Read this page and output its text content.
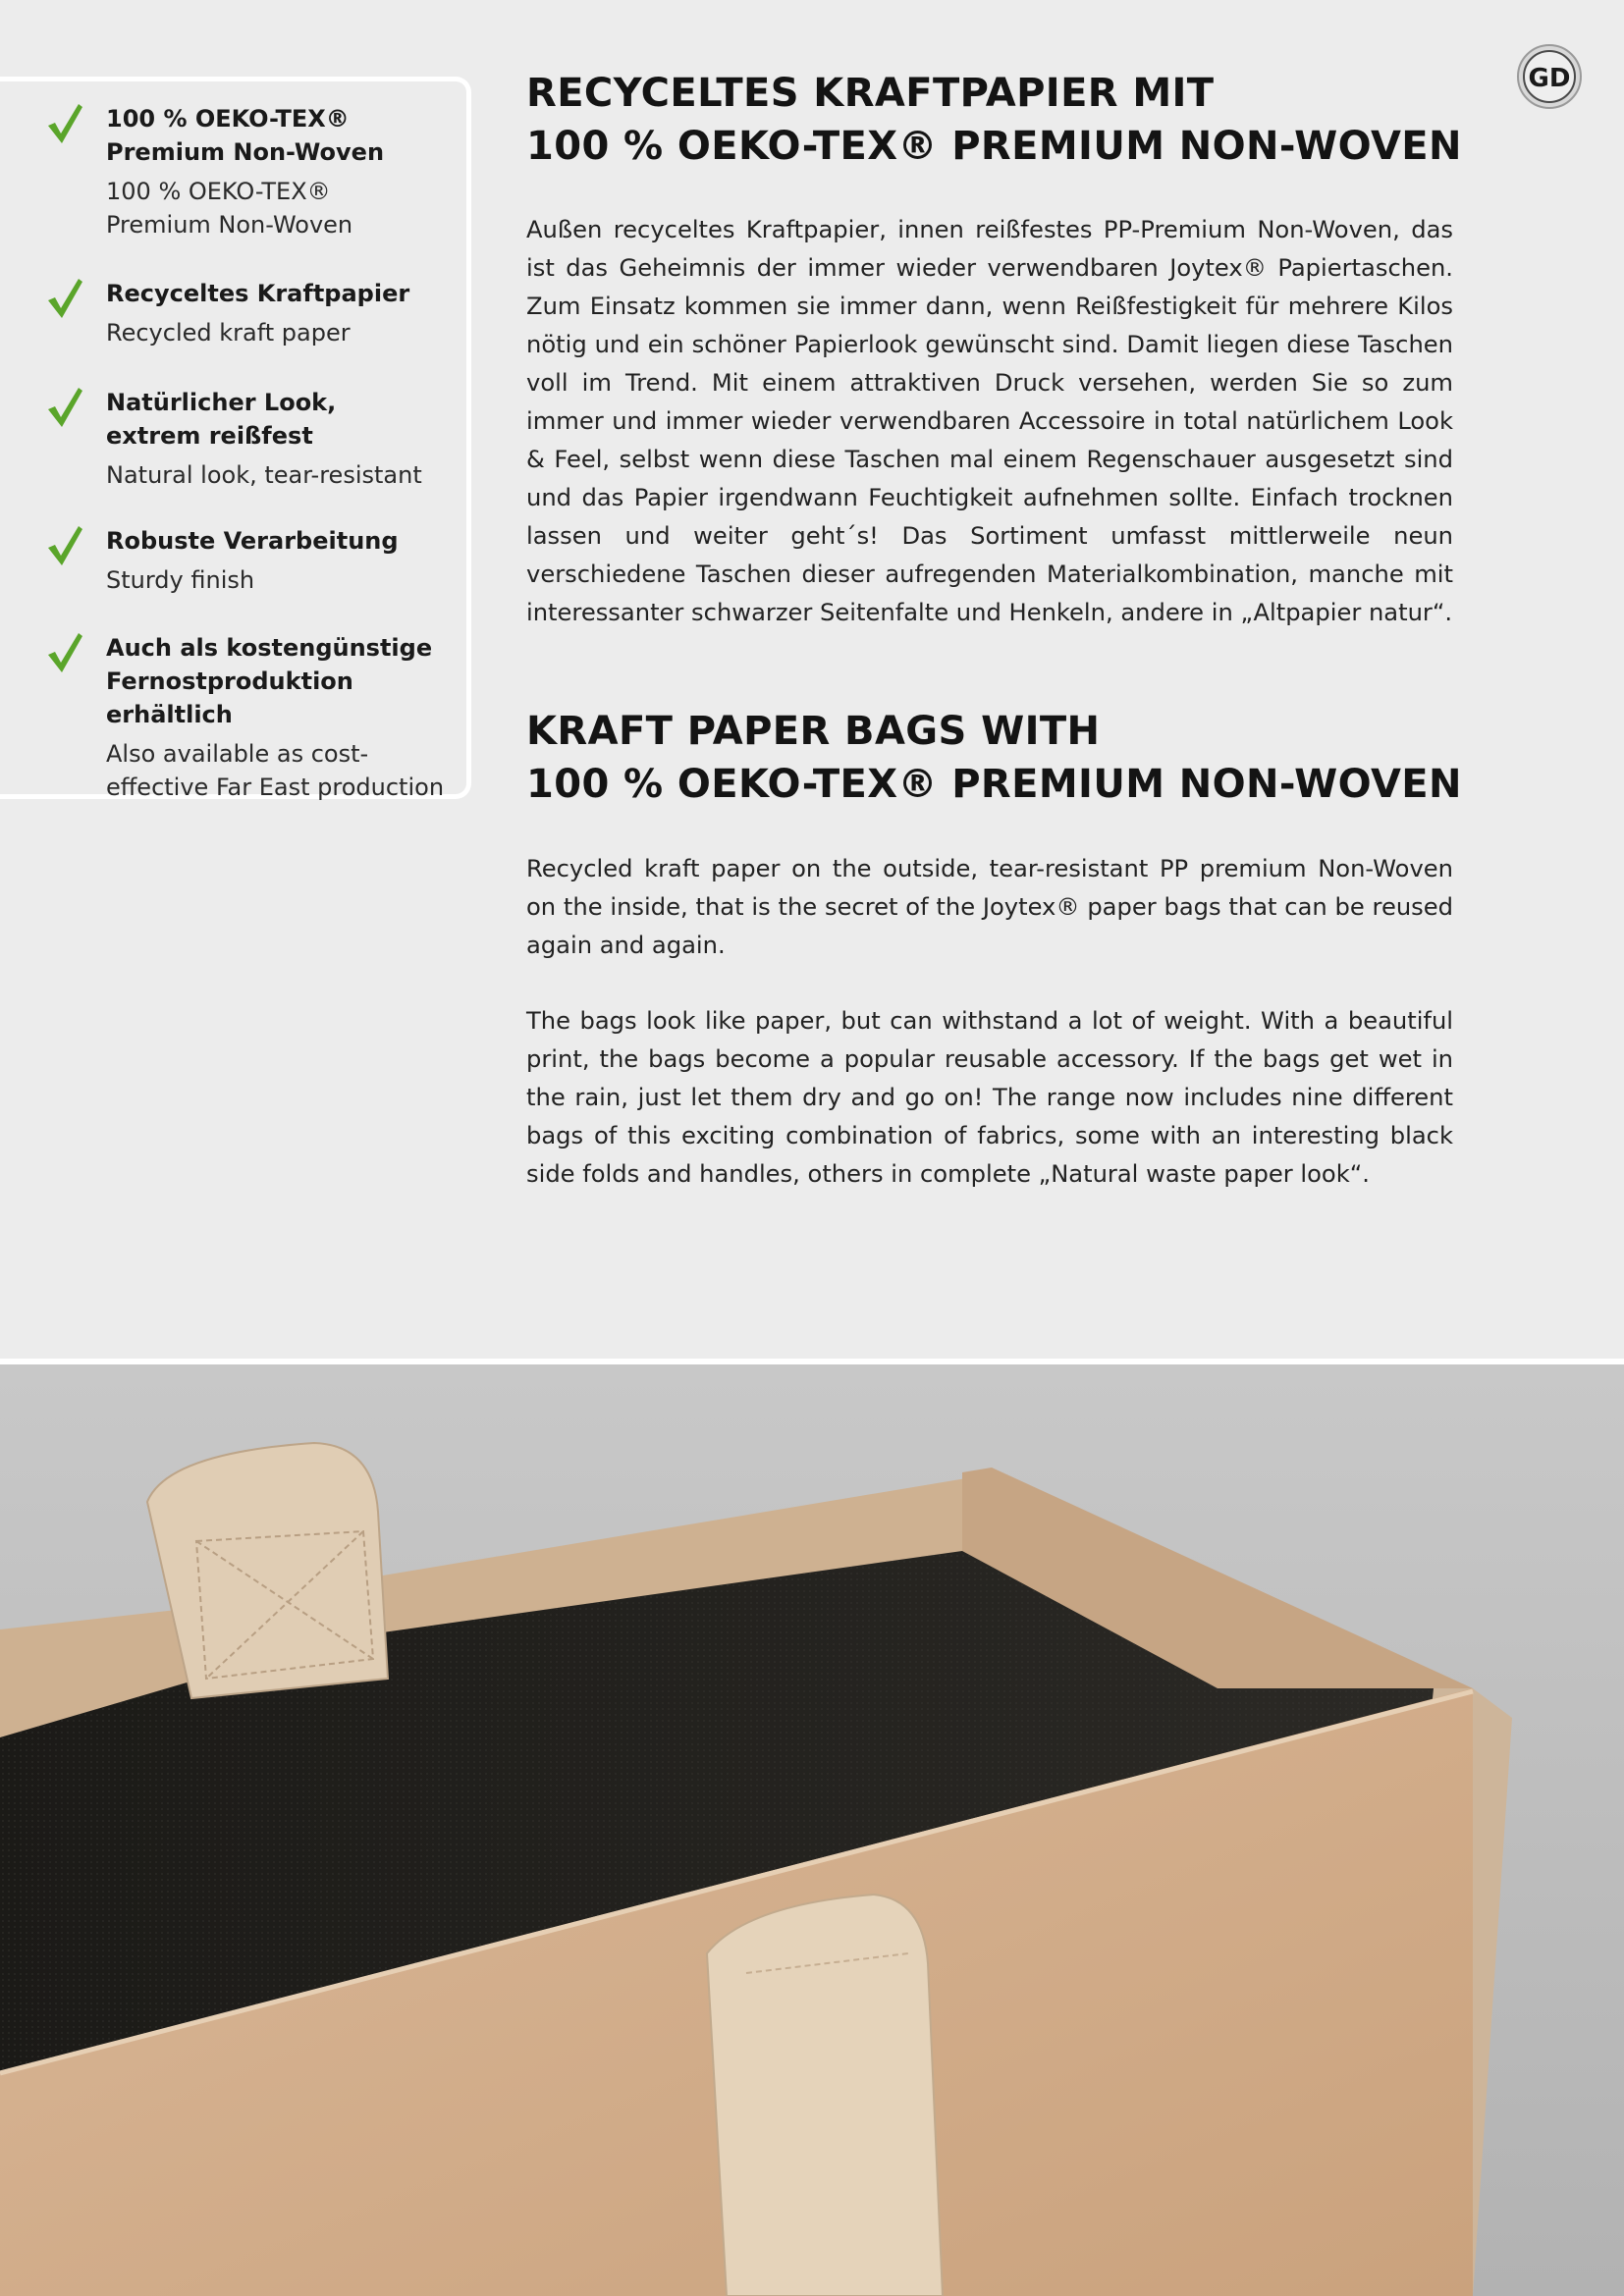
100 % OEKO-TEX®
Premium Non-Woven
100 % OEKO-TEX®
Premium Non-Woven
Recyceltes Kraftpapier
Recycled kraft paper
Natürlicher Look,
extrem reißfest
Natural look, tear-resistant
Robuste Verarbeitung
Sturdy finish
Auch als kostengünstige
Fernostproduktion erhältlich
Also available as cost-
effective Far East production
GD
RECYCELTES KRAFTPAPIER MIT
100 % OEKO-TEX® PREMIUM NON-WOVEN

Außen recyceltes Kraftpapier, innen reißfestes PP-Premium Non-Woven, das ist das Geheimnis der immer wieder verwendbaren Joytex® Papiertaschen. Zum Einsatz kommen sie immer dann, wenn Reißfestigkeit für mehrere Kilos nötig und ein schöner Papierlook gewünscht sind. Damit liegen diese Taschen voll im Trend. Mit einem attraktiven Druck versehen, werden Sie so zum immer und immer wieder verwendbaren Accessoire in total natürlichem Look & Feel, selbst wenn diese Taschen mal einem Regenschauer ausgesetzt sind und das Papier irgendwann Feuchtigkeit aufnehmen sollte. Einfach trocknen lassen und weiter geht´s! Das Sortiment umfasst mittlerweile neun verschiedene Taschen dieser aufregenden Materialkombination, manche mit interessanter schwarzer Seitenfalte und Henkeln, andere in „Altpapier natur“.

KRAFT PAPER BAGS WITH
100 % OEKO-TEX® PREMIUM NON-WOVEN

Recycled kraft paper on the outside, tear-resistant PP premium Non-Woven on the inside, that is the secret of the Joytex® paper bags that can be reused again and again.

The bags look like paper, but can withstand a lot of weight. With a beautiful print, the bags become a popular reusable accessory. If the bags get wet in the rain, just let them dry and go on! The range now includes nine different bags of this exciting combination of fabrics, some with an interesting black side folds and handles, others in complete „Natural waste paper look“.
